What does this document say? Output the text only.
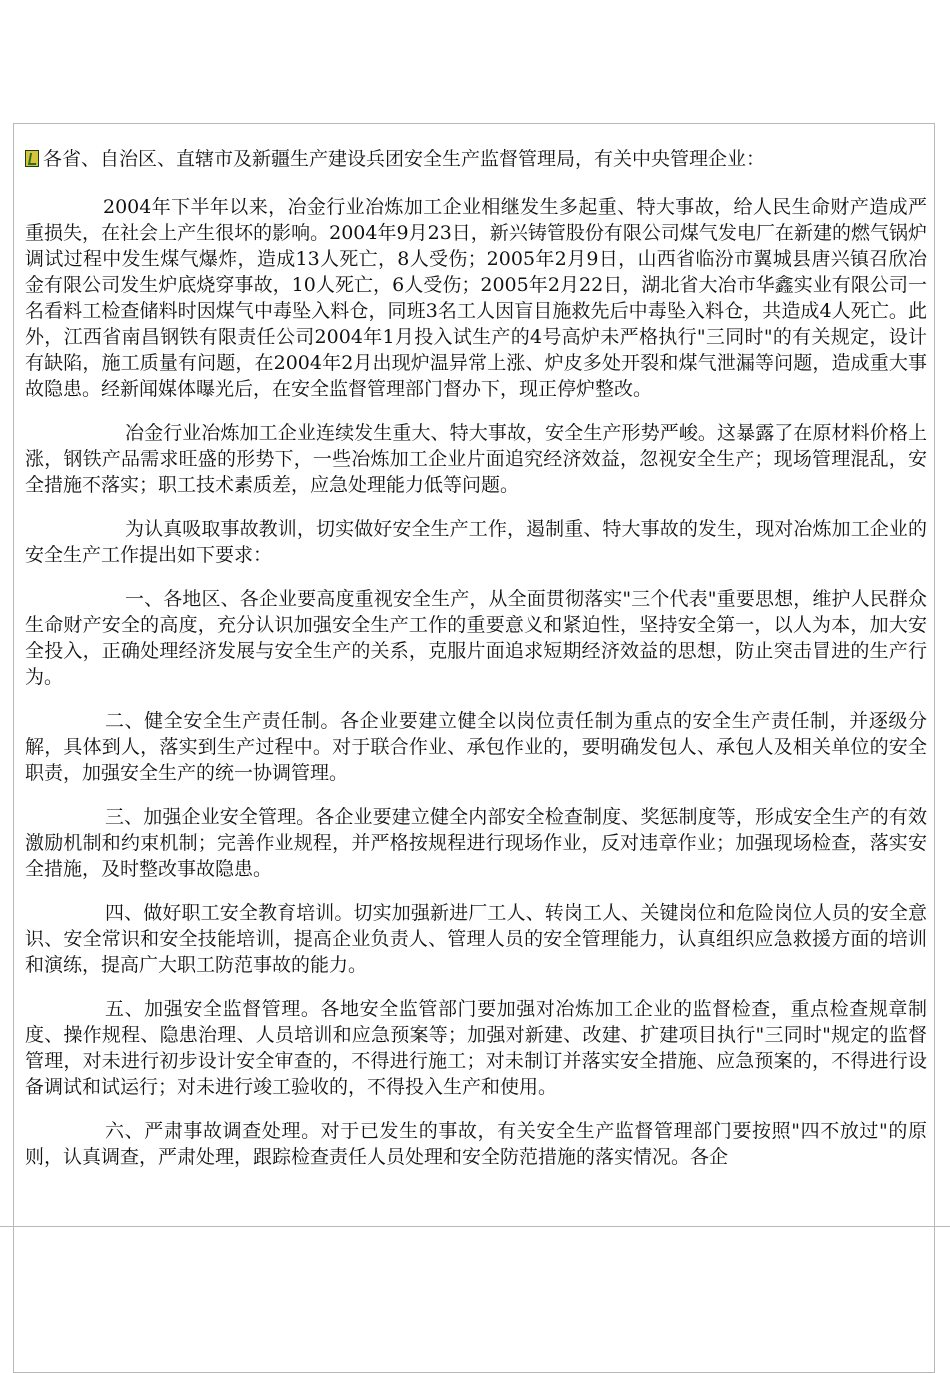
各省、自治区、直辖市及新疆生产建设兵团安全生产监督管理局，有关中央管理企业：

2004年下半年以来，冶金行业冶炼加工企业相继发生多起重、特大事故，给人民生命财产造成严重损失，在社会上产生很坏的影响。2004年9月23日，新兴铸管股份有限公司煤气发电厂在新建的燃气锅炉调试过程中发生煤气爆炸，造成13人死亡，8人受伤；2005年2月9日，山西省临汾市翼城县唐兴镇召欣冶金有限公司发生炉底烧穿事故，10人死亡，6人受伤；2005年2月22日，湖北省大冶市华鑫实业有限公司一名看料工检查储料时因煤气中毒坠入料仓，同班3名工人因盲目施救先后中毒坠入料仓，共造成4人死亡。此外，江西省南昌钢铁有限责任公司2004年1月投入试生产的4号高炉未严格执行"三同时"的有关规定，设计有缺陷，施工质量有问题，在2004年2月出现炉温异常上涨、炉皮多处开裂和煤气泄漏等问题，造成重大事故隐患。经新闻媒体曝光后，在安全监督管理部门督办下，现正停炉整改。

冶金行业冶炼加工企业连续发生重大、特大事故，安全生产形势严峻。这暴露了在原材料价格上涨，钢铁产品需求旺盛的形势下，一些冶炼加工企业片面追究经济效益，忽视安全生产；现场管理混乱，安全措施不落实；职工技术素质差，应急处理能力低等问题。

为认真吸取事故教训，切实做好安全生产工作，遏制重、特大事故的发生，现对冶炼加工企业的安全生产工作提出如下要求：

一、各地区、各企业要高度重视安全生产，从全面贯彻落实"三个代表"重要思想，维护人民群众生命财产安全的高度，充分认识加强安全生产工作的重要意义和紧迫性，坚持安全第一，以人为本，加大安全投入，正确处理经济发展与安全生产的关系，克服片面追求短期经济效益的思想，防止突击冒进的生产行为。

二、健全安全生产责任制。各企业要建立健全以岗位责任制为重点的安全生产责任制，并逐级分解，具体到人，落实到生产过程中。对于联合作业、承包作业的，要明确发包人、承包人及相关单位的安全职责，加强安全生产的统一协调管理。

三、加强企业安全管理。各企业要建立健全内部安全检查制度、奖惩制度等，形成安全生产的有效激励机制和约束机制；完善作业规程，并严格按规程进行现场作业，反对违章作业；加强现场检查，落实安全措施，及时整改事故隐患。

四、做好职工安全教育培训。切实加强新进厂工人、转岗工人、关键岗位和危险岗位人员的安全意识、安全常识和安全技能培训，提高企业负责人、管理人员的安全管理能力，认真组织应急救援方面的培训和演练，提高广大职工防范事故的能力。

五、加强安全监督管理。各地安全监管部门要加强对冶炼加工企业的监督检查，重点检查规章制度、操作规程、隐患治理、人员培训和应急预案等；加强对新建、改建、扩建项目执行"三同时"规定的监督管理，对未进行初步设计安全审查的，不得进行施工；对未制订并落实安全措施、应急预案的，不得进行设备调试和试运行；对未进行竣工验收的，不得投入生产和使用。

六、严肃事故调查处理。对于已发生的事故，有关安全生产监督管理部门要按照"四不放过"的原则，认真调查，严肃处理，跟踪检查责任人员处理和安全防范措施的落实情况。各企
